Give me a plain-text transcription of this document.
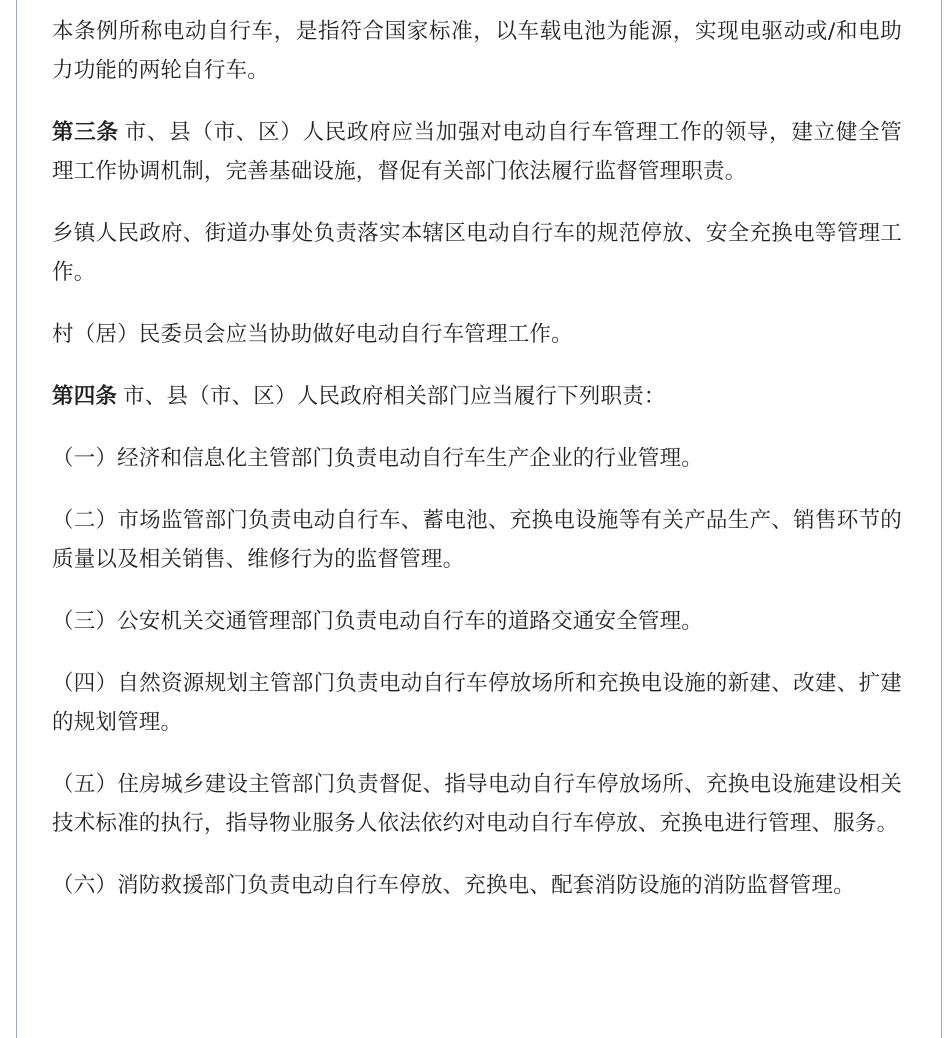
本条例所称电动自行车，是指符合国家标准，以车载电池为能源，实现电驱动或/和电助力功能的两轮自行车。

第三条 市、县（市、区）人民政府应当加强对电动自行车管理工作的领导，建立健全管理工作协调机制，完善基础设施，督促有关部门依法履行监督管理职责。

乡镇人民政府、街道办事处负责落实本辖区电动自行车的规范停放、安全充换电等管理工作。

村（居）民委员会应当协助做好电动自行车管理工作。

第四条 市、县（市、区）人民政府相关部门应当履行下列职责：

（一）经济和信息化主管部门负责电动自行车生产企业的行业管理。

（二）市场监管部门负责电动自行车、蓄电池、充换电设施等有关产品生产、销售环节的质量以及相关销售、维修行为的监督管理。

（三）公安机关交通管理部门负责电动自行车的道路交通安全管理。

（四）自然资源规划主管部门负责电动自行车停放场所和充换电设施的新建、改建、扩建的规划管理。

（五）住房城乡建设主管部门负责督促、指导电动自行车停放场所、充换电设施建设相关技术标准的执行，指导物业服务人依法依约对电动自行车停放、充换电进行管理、服务。

（六）消防救援部门负责电动自行车停放、充换电、配套消防设施的消防监督管理。
